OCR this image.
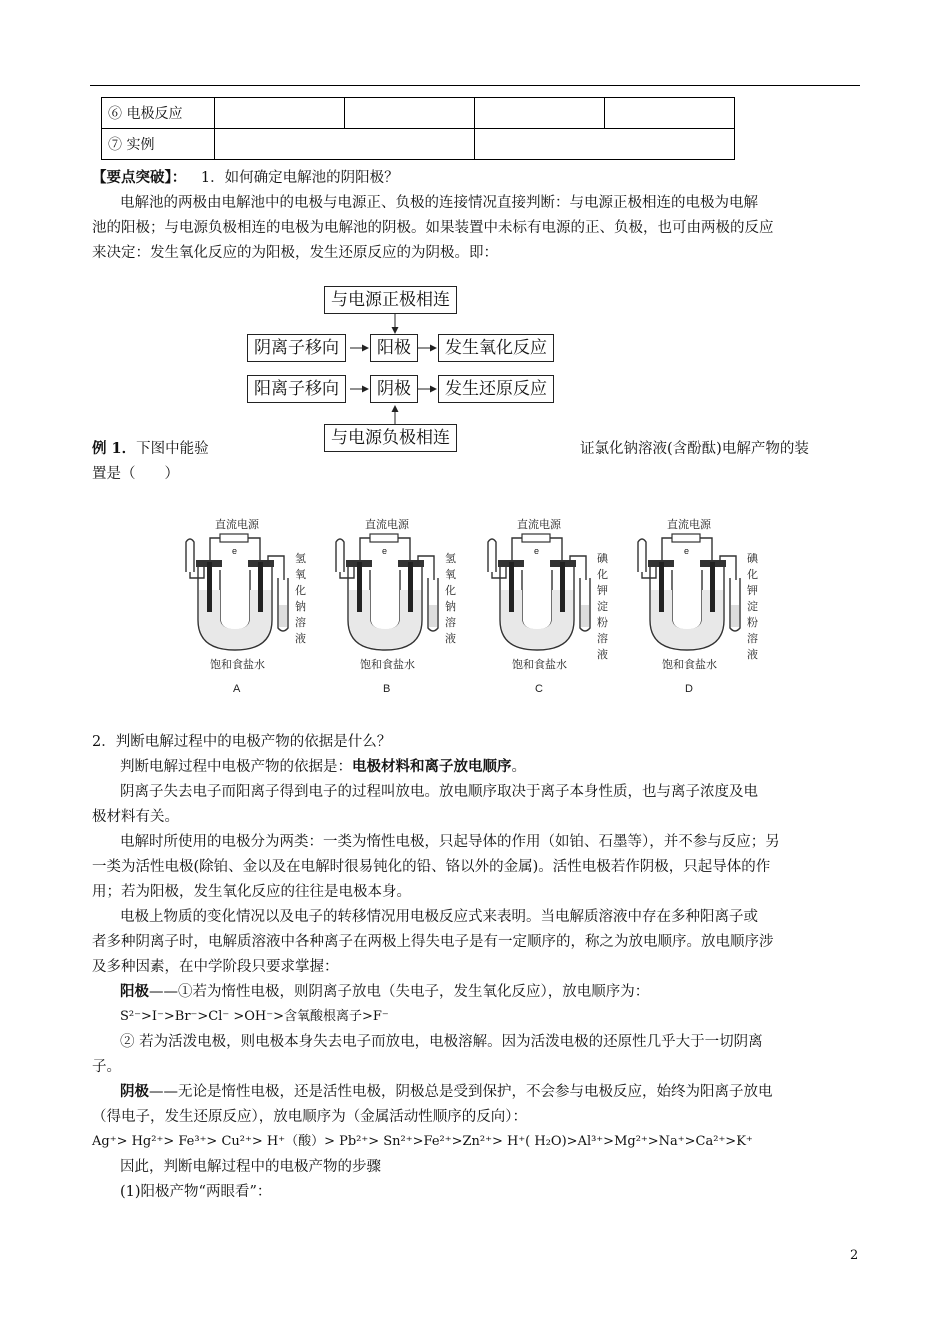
⑥ 电极反应				
⑦ 实例				
【要点突破】： 1．如何确定电解池的阴阳极？
电解池的两极由电解池中的电极与电源正、负极的连接情况直接判断：与电源正极相连的电极为电解
池的阳极；与电源负极相连的电极为电解池的阴极。如果装置中未标有电源的正、负极，也可由两极的反应
来决定：发生氧化反应的为阳极，发生还原反应的为阴极。即：
与电源正极相连
阴离子移向	阳极	发生氧化反应
阳离子移向	阴极	发生还原反应
与电源负极相连
例 1．下图中能验	证氯化钠溶液(含酚酞)电解产物的装
置是（　　）
直流电源
e
氢
氧
化
钠
溶
液
饱和食盐水
A
直流电源
e
氢
氧
化
钠
溶
液
饱和食盐水
B
直流电源
e
碘
化
钾
淀
粉
溶
液
饱和食盐水
C
直流电源
e
碘
化
钾
淀
粉
溶
液
饱和食盐水
D
2．判断电解过程中的电极产物的依据是什么？
判断电解过程中电极产物的依据是：电极材料和离子放电顺序。
阴离子失去电子而阳离子得到电子的过程叫放电。放电顺序取决于离子本身性质，也与离子浓度及电
极材料有关。
电解时所使用的电极分为两类：一类为惰性电极，只起导体的作用（如铂、石墨等），并不参与反应；另
一类为活性电极(除铂、金以及在电解时很易钝化的铅、铬以外的金属)。活性电极若作阴极，只起导体的作
用；若为阳极，发生氧化反应的往往是电极本身。
电极上物质的变化情况以及电子的转移情况用电极反应式来表明。当电解质溶液中存在多种阳离子或
者多种阴离子时，电解质溶液中各种离子在两极上得失电子是有一定顺序的，称之为放电顺序。放电顺序涉
及多种因素，在中学阶段只要求掌握：
阳极——①若为惰性电极，则阴离子放电（失电子，发生氧化反应），放电顺序为：
S²⁻>I⁻>Br⁻>Cl⁻ >OH⁻>含氧酸根离子>F⁻
② 若为活泼电极，则电极本身失去电子而放电，电极溶解。因为活泼电极的还原性几乎大于一切阴离
子。
阴极——无论是惰性电极，还是活性电极，阴极总是受到保护，不会参与电极反应，始终为阳离子放电
（得电子，发生还原反应），放电顺序为（金属活动性顺序的反向）：
Ag⁺> Hg²⁺> Fe³⁺> Cu²⁺> H⁺（酸）> Pb²⁺> Sn²⁺>Fe²⁺>Zn²⁺> H⁺( H₂O)>Al³⁺>Mg²⁺>Na⁺>Ca²⁺>K⁺
因此，判断电解过程中的电极产物的步骤
(1)阳极产物“两眼看”：
2
